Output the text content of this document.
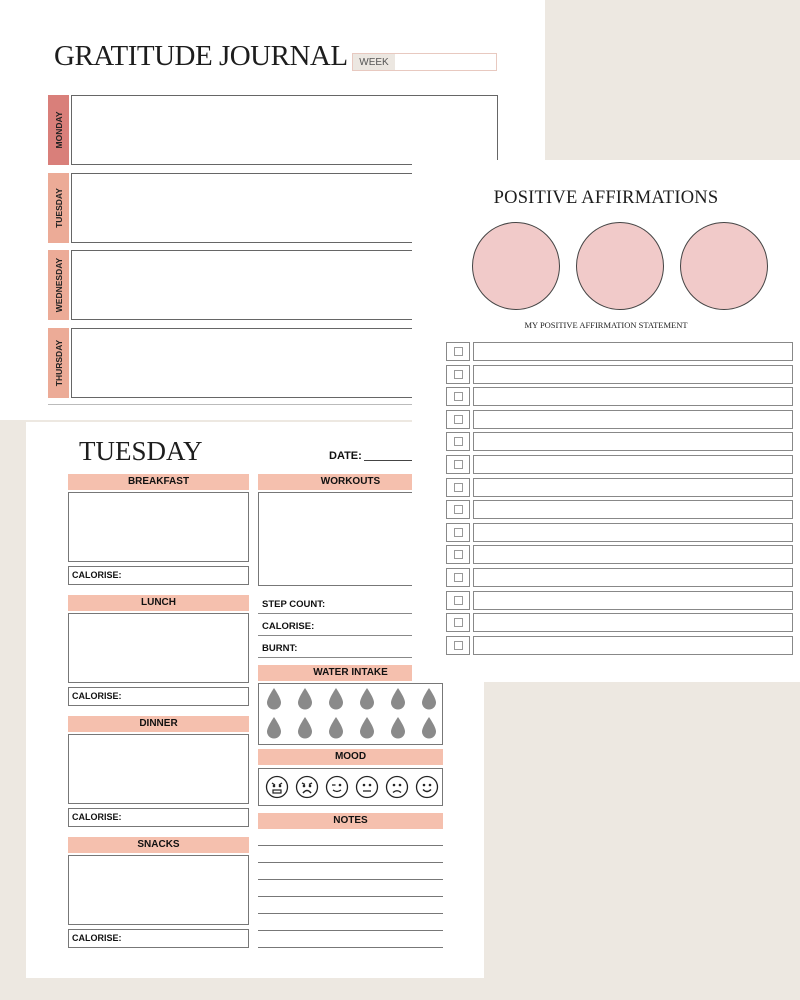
GRATITUDE JOURNAL	WEEK
MONDAY
TUESDAY
WEDNESDAY
THURSDAY
TUESDAY	DATE:
BREAKFAST
CALORISE:
LUNCH
CALORISE:
DINNER
CALORISE:
SNACKS
CALORISE:
WORKOUTS
STEP COUNT:
CALORISE:
BURNT:
WATER INTAKE
MOOD
NOTES
POSITIVE AFFIRMATIONS
MY POSITIVE AFFIRMATION STATEMENT
